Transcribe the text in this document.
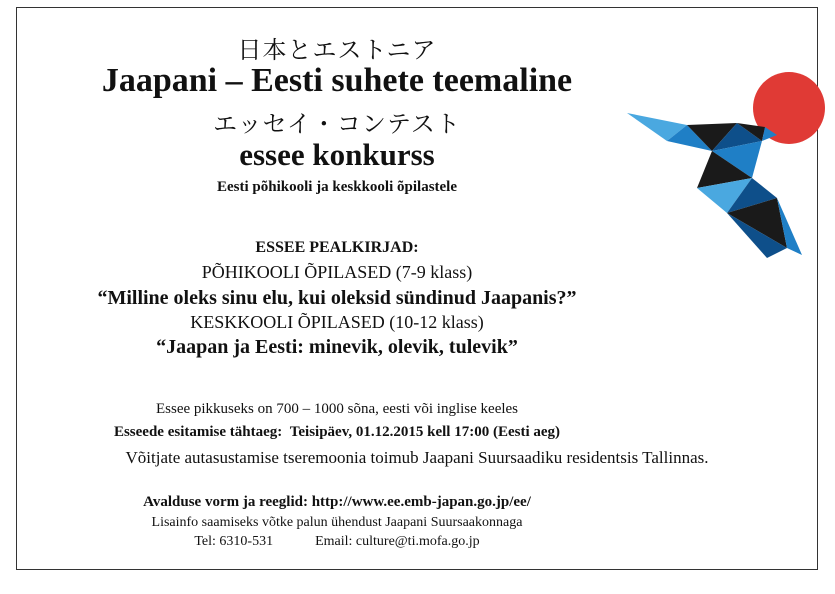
日本とエストニア
Jaapani – Eesti suhete teemaline
エッセイ・コンテスト
essee konkurss
Eesti põhikooli ja keskkooli õpilastele
ESSEE PEALKIRJAD:
PÕHIKOOLI ÕPILASED (7-9 klass)
“Milline oleks sinu elu, kui oleksid sündinud Jaapanis?”
KESKKOOLI ÕPILASED (10-12 klass)
“Jaapan ja Eesti: minevik, olevik, tulevik”
Essee pikkuseks on 700 – 1000 sõna, eesti või inglise keeles
Esseede esitamise tähtaeg: Teisipäev, 01.12.2015 kell 17:00 (Eesti aeg)
Võitjate autasustamise tseremoonia toimub Jaapani Suursaadiku residentsis Tallinnas.
Avalduse vorm ja reeglid: http://www.ee.emb-japan.go.jp/ee/
Lisainfo saamiseks võtke palun ühendust Jaapani Suursaakonnaga
Tel: 6310-531	Email: culture@ti.mofa.go.jp
